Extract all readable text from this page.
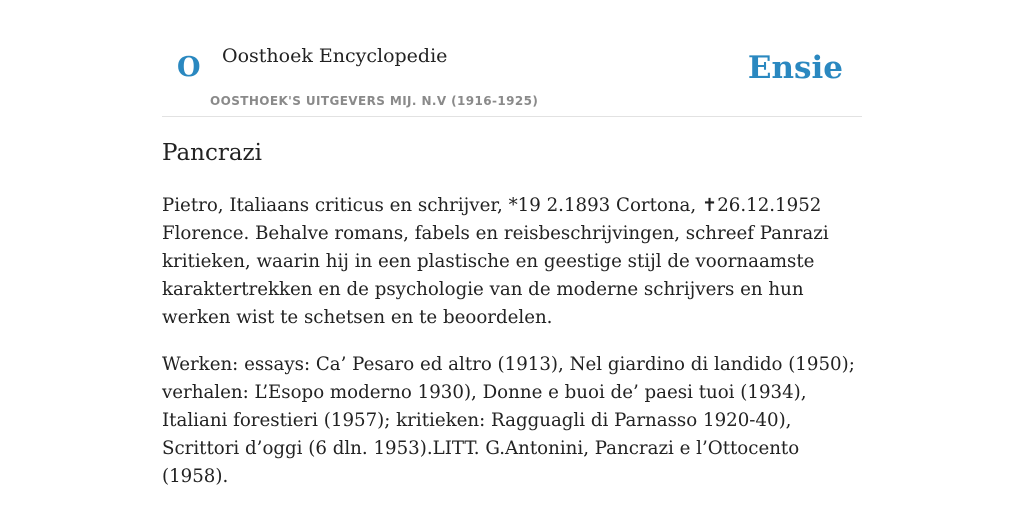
O Oosthoek Encyclopedie
OOSTHOEK'S UITGEVERS MIJ. N.V (1916-1925)
Ensie
Pancrazi

Pietro, Italiaans criticus en schrijver, *19 2.1893 Cortona, ✝26.12.1952 Florence. Behalve romans, fabels en reisbeschrijvingen, schreef Panrazi kritieken, waarin hij in een plastische en geestige stijl de voornaamste karaktertrekken en de psychologie van de moderne schrijvers en hun werken wist te schetsen en te beoordelen.

Werken: essays: Ca’ Pesaro ed altro (1913), Nel giardino di landido (1950); verhalen: L’Esopo moderno 1930), Donne e buoi de’ paesi tuoi (1934), Italiani forestieri (1957); kritieken: Ragguagli di Parnasso 1920-40), Scrittori d’oggi (6 dln. 1953).LITT. G.Antonini, Pancrazi e l’Ottocento (1958).
